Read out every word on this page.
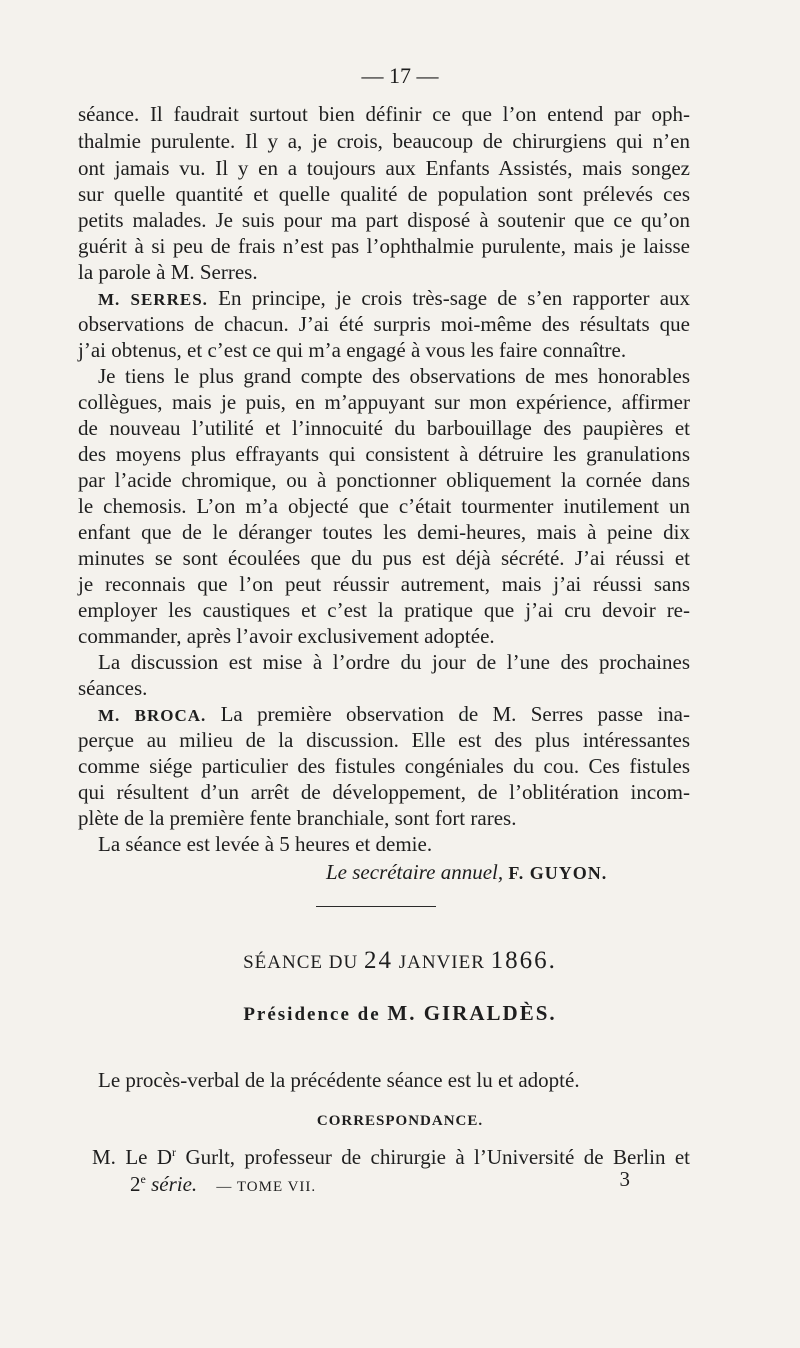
— 17 —
séance. Il faudrait surtout bien définir ce que l’on entend par oph-
thalmie purulente. Il y a, je crois, beaucoup de chirurgiens qui n’en
ont jamais vu. Il y en a toujours aux Enfants Assistés, mais songez
sur quelle quantité et quelle qualité de population sont prélevés ces
petits malades. Je suis pour ma part disposé à soutenir que ce qu’on
guérit à si peu de frais n’est pas l’ophthalmie purulente, mais je laisse
la parole à M. Serres.
M. SERRES. En principe, je crois très-sage de s’en rapporter aux
observations de chacun. J’ai été surpris moi-même des résultats que
j’ai obtenus, et c’est ce qui m’a engagé à vous les faire connaître.
Je tiens le plus grand compte des observations de mes honorables
collègues, mais je puis, en m’appuyant sur mon expérience, affirmer
de nouveau l’utilité et l’innocuité du barbouillage des paupières et
des moyens plus effrayants qui consistent à détruire les granulations
par l’acide chromique, ou à ponctionner obliquement la cornée dans
le chemosis. L’on m’a objecté que c’était tourmenter inutilement un
enfant que de le déranger toutes les demi-heures, mais à peine dix
minutes se sont écoulées que du pus est déjà sécrété. J’ai réussi et
je reconnais que l’on peut réussir autrement, mais j’ai réussi sans
employer les caustiques et c’est la pratique que j’ai cru devoir re-
commander, après l’avoir exclusivement adoptée.
La discussion est mise à l’ordre du jour de l’une des prochaines
séances.
M. BROCA. La première observation de M. Serres passe ina-
perçue au milieu de la discussion. Elle est des plus intéressantes
comme siége particulier des fistules congéniales du cou. Ces fistules
qui résultent d’un arrêt de développement, de l’oblitération incom-
plète de la première fente branchiale, sont fort rares.
La séance est levée à 5 heures et demie.
Le secrétaire annuel, F. GUYON.
SÉANCE DU 24 JANVIER 1866.
Présidence de M. GIRALDÈS.
Le procès-verbal de la précédente séance est lu et adopté.
CORRESPONDANCE.
M. Le $D^r$ Gurlt, professeur de chirurgie à l’Université de Berlin et
2e série. — TOME VII.	3
